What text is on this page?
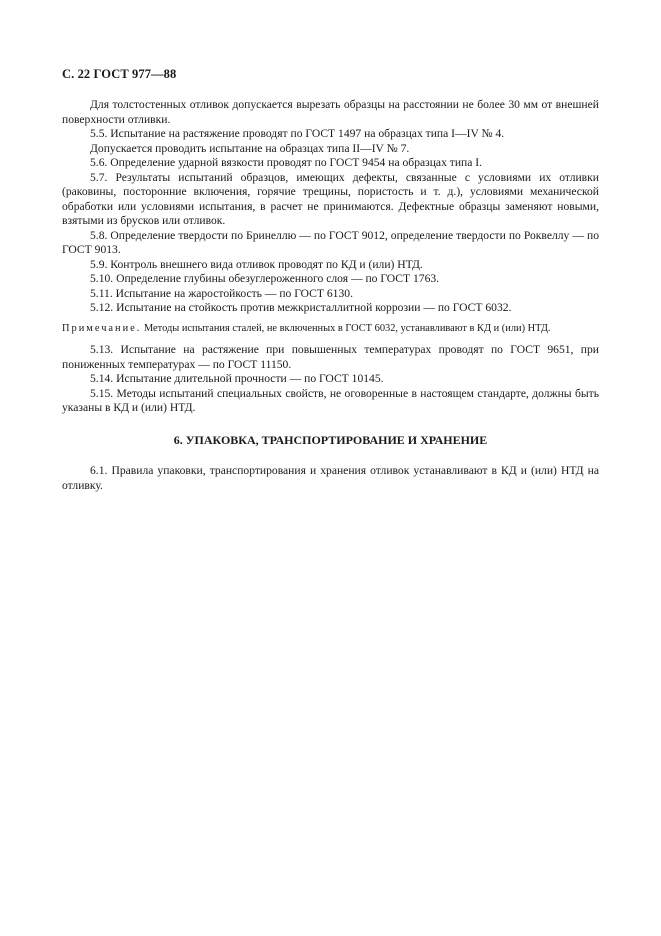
С. 22 ГОСТ 977—88

Для толстостенных отливок допускается вырезать образцы на расстоянии не более 30 мм от внешней поверхности отливки.

5.5. Испытание на растяжение проводят по ГОСТ 1497 на образцах типа I—IV № 4.

Допускается проводить испытание на образцах типа II—IV № 7.

5.6. Определение ударной вязкости проводят по ГОСТ 9454 на образцах типа I.

5.7. Результаты испытаний образцов, имеющих дефекты, связанные с условиями их отливки (раковины, посторонние включения, горячие трещины, пористость и т. д.), условиями механической обработки или условиями испытания, в расчет не принимаются. Дефектные образцы заменяют новыми, взятыми из брусков или отливок.

5.8. Определение твердости по Бринеллю — по ГОСТ 9012, определение твердости по Роквеллу — по ГОСТ 9013.

5.9. Контроль внешнего вида отливок проводят по КД и (или) НТД.

5.10. Определение глубины обезуглероженного слоя — по ГОСТ 1763.

5.11. Испытание на жаростойкость — по ГОСТ 6130.

5.12. Испытание на стойкость против межкристаллитной коррозии — по ГОСТ 6032.

Примечание. Методы испытания сталей, не включенных в ГОСТ 6032, устанавливают в КД и (или) НТД.

5.13. Испытание на растяжение при повышенных температурах проводят по ГОСТ 9651, при пониженных температурах — по ГОСТ 11150.

5.14. Испытание длительной прочности — по ГОСТ 10145.

5.15. Методы испытаний специальных свойств, не оговоренные в настоящем стандарте, должны быть указаны в КД и (или) НТД.

6. УПАКОВКА, ТРАНСПОРТИРОВАНИЕ И ХРАНЕНИЕ

6.1. Правила упаковки, транспортирования и хранения отливок устанавливают в КД и (или) НТД на отливку.
